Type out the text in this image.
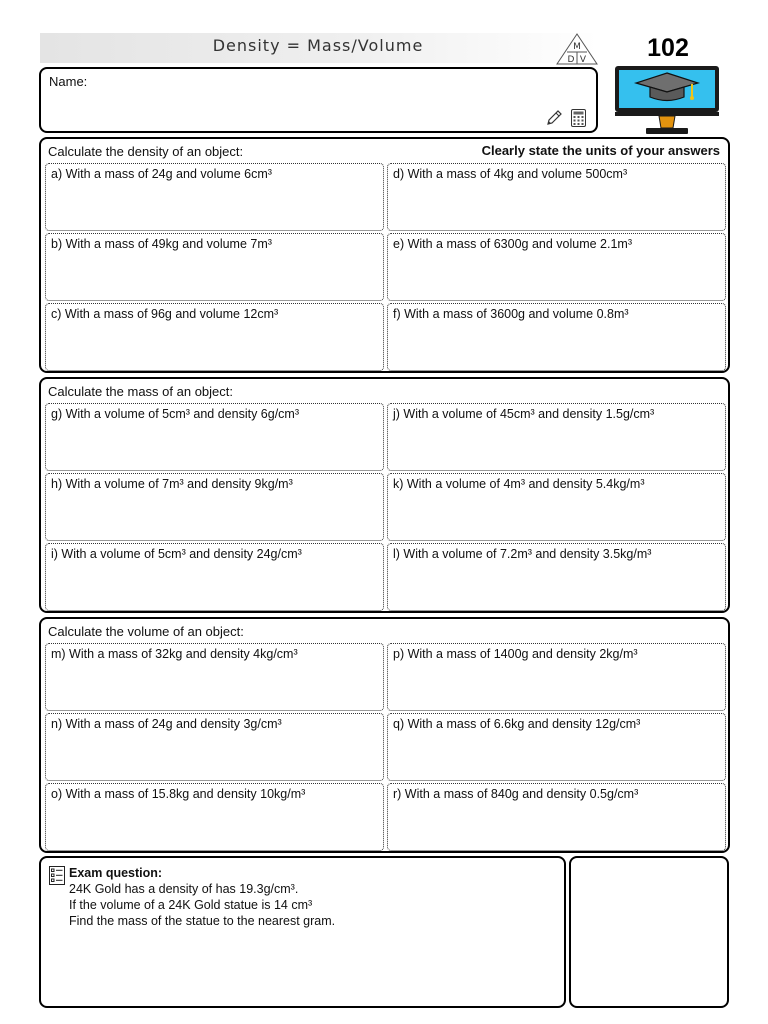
Density = Mass/Volume	M
D V	102
Name:
Calculate the density of an object:	Clearly state the units of your answers
a) With a mass of 24g and volume 6cm³	d) With a mass of 4kg and volume 500cm³
b) With a mass of 49kg and volume 7m³	e) With a mass of 6300g and volume 2.1m³
c) With a mass of 96g and volume 12cm³	f) With a mass of 3600g and volume 0.8m³
Calculate the mass of an object:
g) With a volume of 5cm³ and density 6g/cm³	j) With a volume of 45cm³ and density 1.5g/cm³
h) With a volume of 7m³ and density 9kg/m³	k) With a volume of 4m³ and density 5.4kg/m³
i) With a volume of 5cm³ and density 24g/cm³	l) With a volume of 7.2m³ and density 3.5kg/m³
Calculate the volume of an object:
m) With a mass of 32kg and density 4kg/cm³	p) With a mass of 1400g and density 2kg/m³
n) With a mass of 24g and density 3g/cm³	q) With a mass of 6.6kg and density 12g/cm³
o) With a mass of 15.8kg and density 10kg/m³	r) With a mass of 840g and density 0.5g/cm³
Exam question:
24K Gold has a density of has 19.3g/cm³.
If the volume of a 24K Gold statue is 14 cm³
Find the mass of the statue to the nearest gram.
